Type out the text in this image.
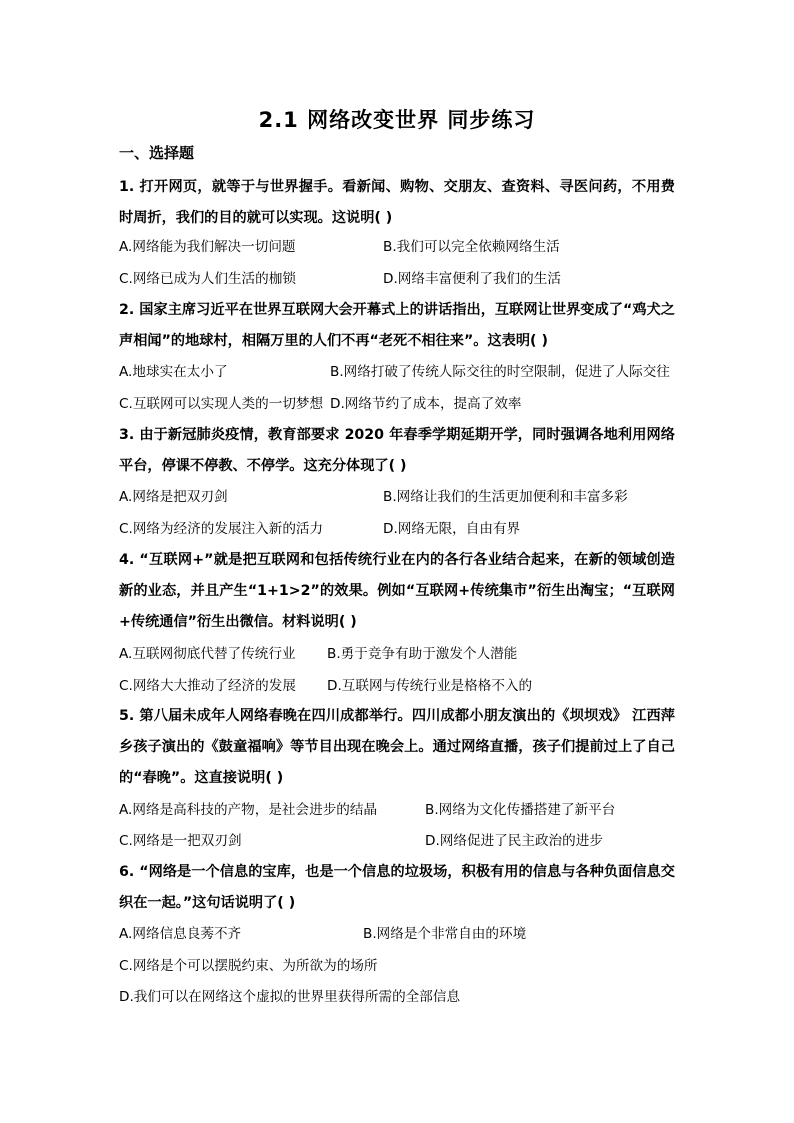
2.1 网络改变世界 同步练习
一、选择题
1. 打开网页，就等于与世界握手。看新闻、购物、交朋友、查资料、寻医问药，不用费时周折，我们的目的就可以实现。这说明( )
A.网络能为我们解决一切问题	B.我们可以完全依赖网络生活
C.网络已成为人们生活的枷锁	D.网络丰富便利了我们的生活
2. 国家主席习近平在世界互联网大会开幕式上的讲话指出，互联网让世界变成了“鸡犬之声相闻”的地球村，相隔万里的人们不再“老死不相往来”。这表明( )
A.地球实在太小了	B.网络打破了传统人际交往的时空限制，促进了人际交往
C.互联网可以实现人类的一切梦想 D.网络节约了成本，提高了效率
3. 由于新冠肺炎疫情，教育部要求 2020 年春季学期延期开学，同时强调各地利用网络平台，停课不停教、不停学。这充分体现了( )
A.网络是把双刃剑	B.网络让我们的生活更加便利和丰富多彩
C.网络为经济的发展注入新的活力	D.网络无限，自由有界
4. “互联网+”就是把互联网和包括传统行业在内的各行各业结合起来，在新的领域创造新的业态，并且产生“1+1>2”的效果。例如“互联网+传统集市”衍生出淘宝；“互联网+传统通信”衍生出微信。材料说明( )
A.互联网彻底代替了传统行业 B.勇于竞争有助于激发个人潜能
C.网络大大推动了经济的发展 D.互联网与传统行业是格格不入的
5. 第八届未成年人网络春晚在四川成都举行。四川成都小朋友演出的《坝坝戏》 江西萍乡孩子演出的《鼓童福响》等节目出现在晚会上。通过网络直播，孩子们提前过上了自己的“春晚”。这直接说明( )
A.网络是高科技的产物，是社会进步的结晶	B.网络为文化传播搭建了新平台
C.网络是一把双刃剑	D.网络促进了民主政治的进步
6. “网络是一个信息的宝库，也是一个信息的垃圾场，积极有用的信息与各种负面信息交织在一起。”这句话说明了( )
A.网络信息良莠不齐	B.网络是个非常自由的环境
C.网络是个可以摆脱约束、为所欲为的场所
D.我们可以在网络这个虚拟的世界里获得所需的全部信息
